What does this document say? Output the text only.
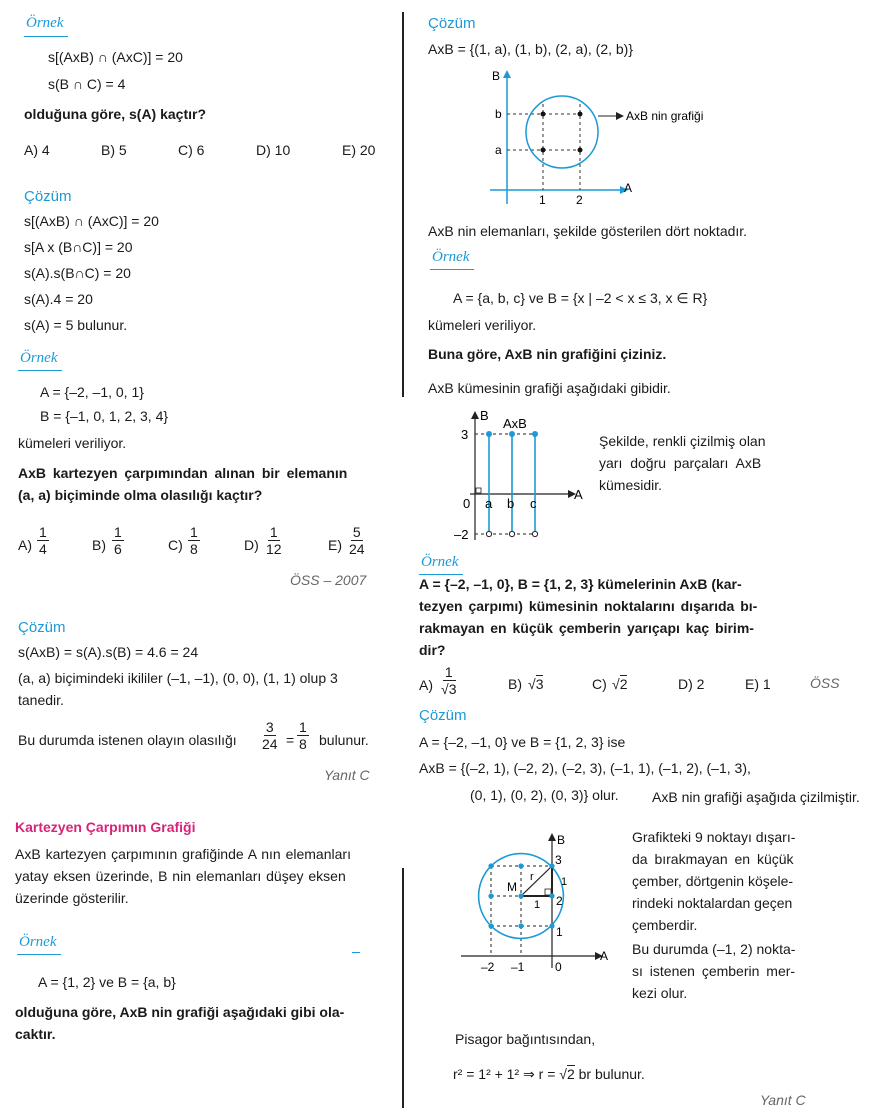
Örnek
s[(AxB) ∩ (AxC)] = 20
s(B ∩ C) = 4
olduğuna göre, s(A) kaçtır?
A) 4	B) 5	C) 6	D) 10	E) 20
Çözüm
s[(AxB) ∩ (AxC)] = 20
s[A x (B∩C)] = 20
s(A).s(B∩C) = 20
s(A).4 = 20
s(A) = 5 bulunur.
Örnek
A = {–2, –1, 0, 1}
B = {–1, 0, 1, 2, 3, 4}
kümeleri veriliyor.
AxB kartezyen çarpımından alınan bir elemanın
(a, a) biçiminde olma olasılığı kaçtır?
$A) \frac{1}{4}$	$B) \frac{1}{6}$	$C) \frac{1}{8}$	$D) \frac{1}{12}$	$E) \frac{5}{24}$
ÖSS – 2007
Çözüm
s(AxB) = s(A).s(B) = 4.6 = 24
(a, a) biçimindeki ikililer (–1, –1), (0, 0), (1, 1) olup 3
tanedir.
Bu durumda istenen olayın olasılığı $\frac{3}{24} = \frac{1}{8}$ bulunur.
Yanıt C
Kartezyen Çarpımın Grafiği
AxB kartezyen çarpımının grafiğinde A nın elemanları
yatay eksen üzerinde, B nin elemanları düşey eksen
üzerinde gösterilir.
Örnek
A = {1, 2} ve B = {a, b}
olduğuna göre, AxB nin grafiği aşağıdaki gibi ola-
caktır.
Çözüm
AxB = {(1, a), (1, b), (2, a), (2, b)}
B
A
b
a
1	2
AxB nin grafiği
AxB nin elemanları, şekilde gösterilen dört noktadır.
Örnek
A = {a, b, c} ve B = {x | –2 < x ≤ 3, x ∈ R}
kümeleri veriliyor.
Buna göre, AxB nin grafiğini çiziniz.
AxB kümesinin grafiği aşağıdaki gibidir.
B
AxB
A
3
0
–2
a b c
Şekilde, renkli çizilmiş olan
yarı doğru parçaları AxB
kümesidir.
Örnek
A = {–2, –1, 0}, B = {1, 2, 3} kümelerinin AxB (kar-
tezyen çarpımı) kümesinin noktalarını dışarıda bı-
rakmayan en küçük çemberin yarıçapı kaç birim-
dir?
$A) \frac{1}{√3}$	B) √3	C) √2	D) 2	E) 1	ÖSS
Çözüm
A = {–2, –1, 0} ve B = {1, 2, 3} ise
AxB = {(–2, 1), (–2, 2), (–2, 3), (–1, 1), (–1, 2), (–1, 3),
(0, 1), (0, 2), (0, 3)} olur. AxB nin grafiği aşağıda çizilmiştir.
B
A
3
2
1
–2 –1	0
M
r 1
1
Grafikteki 9 noktayı dışarı-
da bırakmayan en küçük
çember, dörtgenin köşele-
rindeki noktalardan geçen
çemberdir.
Bu durumda (–1, 2) nokta-
sı istenen çemberin mer-
kezi olur.
Pisagor bağıntısından,
r² = 1² + 1² ⇒ r = √2 br bulunur.
Yanıt C
